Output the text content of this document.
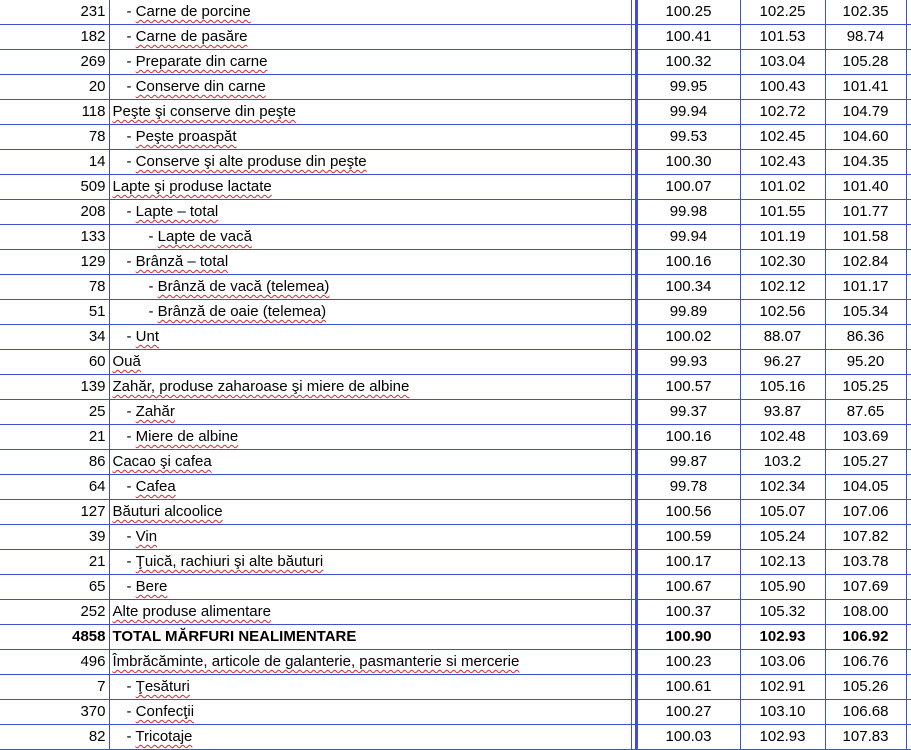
231	- Carne de porcine		100.25	102.25	102.35	
182	- Carne de pasăre		100.41	101.53	98.74	
269	- Preparate din carne		100.32	103.04	105.28	
20	- Conserve din carne		99.95	100.43	101.41	
118	Peşte şi conserve din peşte		99.94	102.72	104.79	
78	- Peşte proaspăt		99.53	102.45	104.60	
14	- Conserve şi alte produse din peşte		100.30	102.43	104.35	
509	Lapte şi produse lactate		100.07	101.02	101.40	
208	- Lapte – total		99.98	101.55	101.77	
133	- Lapte de vacă		99.94	101.19	101.58	
129	- Brânză – total		100.16	102.30	102.84	
78	- Brânză de vacă (telemea)		100.34	102.12	101.17	
51	- Brânză de oaie (telemea)		99.89	102.56	105.34	
34	- Unt		100.02	88.07	86.36	
60	Ouă		99.93	96.27	95.20	
139	Zahăr, produse zaharoase şi miere de albine		100.57	105.16	105.25	
25	- Zahăr		99.37	93.87	87.65	
21	- Miere de albine		100.16	102.48	103.69	
86	Cacao şi cafea		99.87	103.2	105.27	
64	- Cafea		99.78	102.34	104.05	
127	Băuturi alcoolice		100.56	105.07	107.06	
39	- Vin		100.59	105.24	107.82	
21	- Ţuică, rachiuri şi alte băuturi		100.17	102.13	103.78	
65	- Bere		100.67	105.90	107.69	
252	Alte produse alimentare		100.37	105.32	108.00	
4858	TOTAL MĂRFURI NEALIMENTARE		100.90	102.93	106.92	
496	Îmbrăcăminte, articole de galanterie, pasmanterie si mercerie		100.23	103.06	106.76	
7	- Ţesături		100.61	102.91	105.26	
370	- Confecţii		100.27	103.10	106.68	
82	- Tricotaje		100.03	102.93	107.83	
